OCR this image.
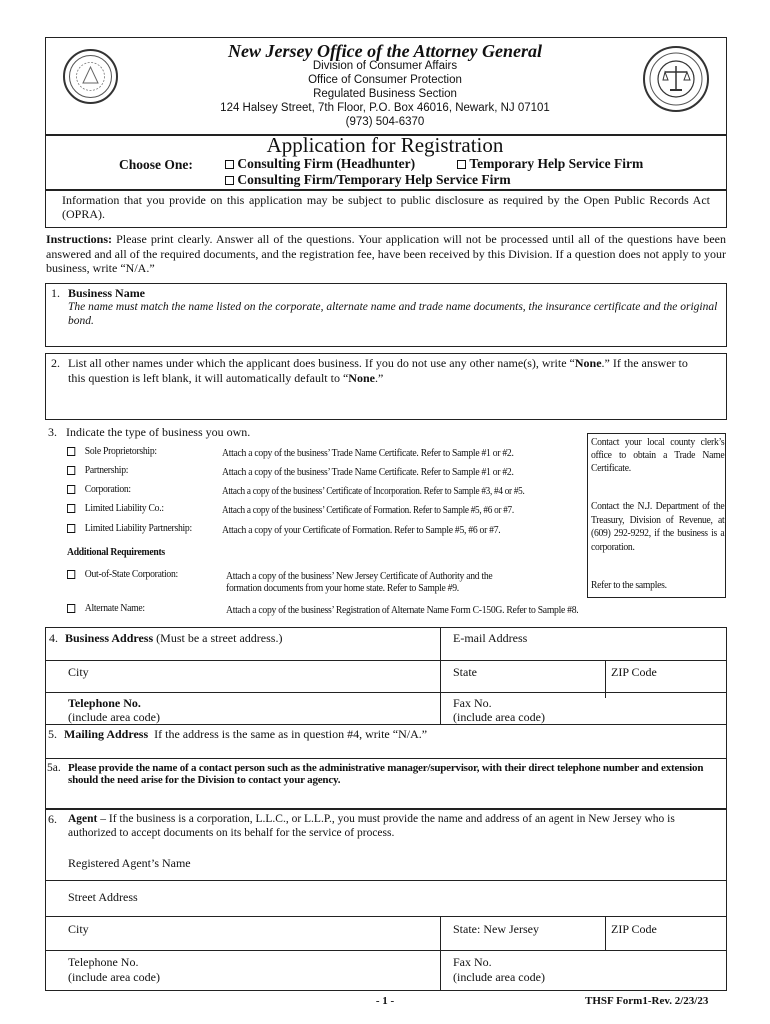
New Jersey Office of the Attorney General
Division of Consumer Affairs
Office of Consumer Protection
Regulated Business Section
124 Halsey Street, 7th Floor, P.O. Box 46016, Newark, NJ 07101
(973) 504-6370
Application for Registration
Choose One:	Consulting Firm (Headhunter)	Temporary Help Service Firm
Consulting Firm/Temporary Help Service Firm
Information that you provide on this application may be subject to public disclosure as required by the Open Public Records Act (OPRA).
Instructions: Please print clearly. Answer all of the questions. Your application will not be processed until all of the questions have been answered and all of the required documents, and the registration fee, have been received by this Division. If a question does not apply to your business, write “N/A.”
1. Business Name
The name must match the name listed on the corporate, alternate name and trade name documents, the insurance certificate and the original bond.
2. List all other names under which the applicant does business. If you do not use any other name(s), write “None.” If the answer to this question is left blank, it will automatically default to “None.”
3. Indicate the type of business you own.
Sole Proprietorship:	Attach a copy of the business’ Trade Name Certificate. Refer to Sample #1 or #2.
Partnership:	Attach a copy of the business’ Trade Name Certificate. Refer to Sample #1 or #2.
Corporation:	Attach a copy of the business’ Certificate of Incorporation. Refer to Sample #3, #4 or #5.
Limited Liability Co.:	Attach a copy of the business’ Certificate of Formation. Refer to Sample #5, #6 or #7.
Limited Liability Partnership:	Attach a copy of your Certificate of Formation. Refer to Sample #5, #6 or #7.
Additional Requirements
Out-of-State Corporation:	Attach a copy of the business’ New Jersey Certificate of Authority and the
formation documents from your home state. Refer to Sample #9.
Alternate Name:	Attach a copy of the business’ Registration of Alternate Name Form C-150G. Refer to Sample #8.
Contact your local county clerk’s office to obtain a Trade Name Certificate.
Contact the N.J. Department of the Treasury, Division of Revenue, at (609) 292-9292, if the business is a corporation.
Refer to the samples.
4. Business Address (Must be a street address.)	E-mail Address
City	State	ZIP Code
Telephone No.
(include area code)
Fax No.
(include area code)
5. Mailing Address If the address is the same as in question #4, write “N/A.”
5a. Please provide the name of a contact person such as the administrative manager/supervisor, with their direct telephone number and extension should the need arise for the Division to contact your agency.
6. Agent – If the business is a corporation, L.L.C., or L.L.P., you must provide the name and address of an agent in New Jersey who is authorized to accept documents on its behalf for the service of process.
Registered Agent’s Name
Street Address
City	State: New Jersey	ZIP Code
Telephone No.
(include area code)
Fax No.
(include area code)
- 1 -	THSF Form1-Rev. 2/23/23
